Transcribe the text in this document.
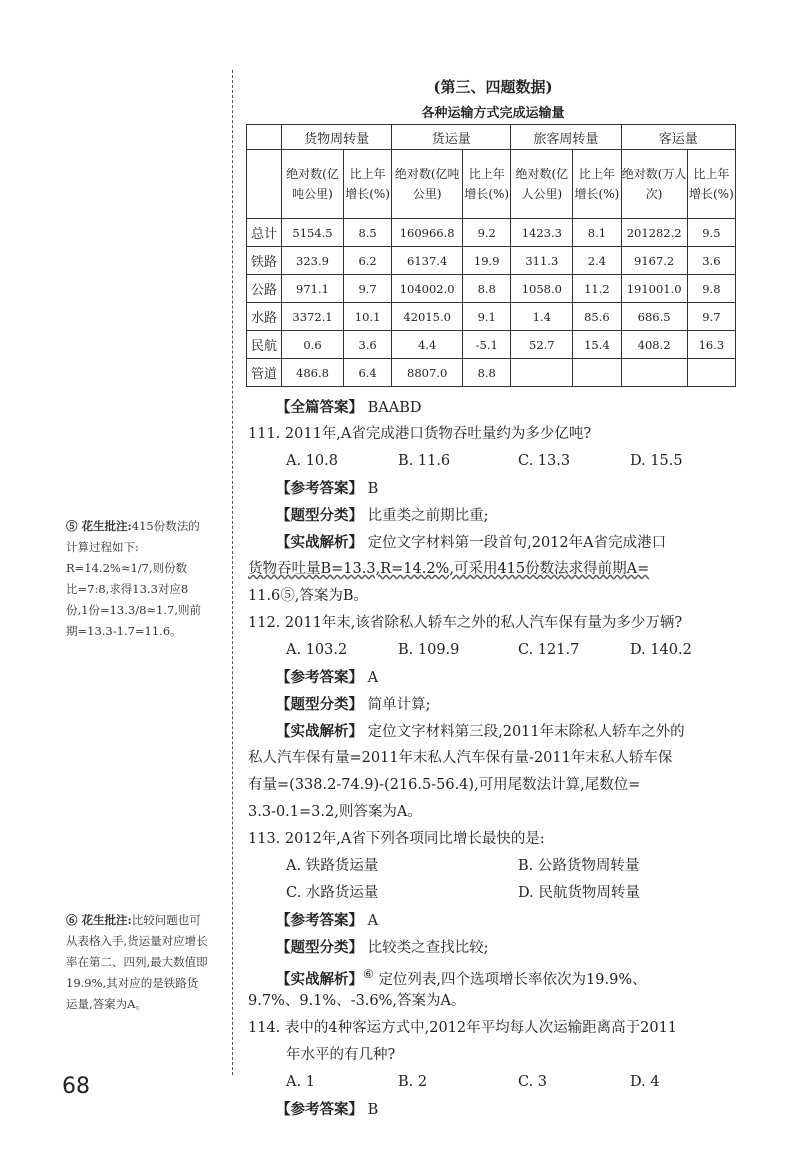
(第三、四题数据)
各种运输方式完成运输量
	货物周转量		货运量		旅客周转量		客运量	
	绝对数(亿吨公里)	比上年增长(%)	绝对数(亿吨公里)	比上年增长(%)	绝对数(亿人公里)	比上年增长(%)	绝对数(万人次)	比上年增长(%)
总计	5154.5	8.5	160966.8	9.2	1423.3	8.1	201282.2	9.5
铁路	323.9	6.2	6137.4	19.9	311.3	2.4	9167.2	3.6
公路	971.1	9.7	104002.0	8.8	1058.0	11.2	191001.0	9.8
水路	3372.1	10.1	42015.0	9.1	1.4	85.6	686.5	9.7
民航	0.6	3.6	4.4	-5.1	52.7	15.4	408.2	16.3
管道	486.8	6.4	8807.0	8.8				
【全篇答案】 BAABD
111. 2011年,A省完成港口货物吞吐量约为多少亿吨?
A. 10.8	B. 11.6	C. 13.3	D. 15.5
【参考答案】 B
【题型分类】 比重类之前期比重;
【实战解析】 定位文字材料第一段首句,2012年A省完成港口
货物吞吐量B=13.3,R=14.2%,可采用415份数法求得前期A=
11.6⑤,答案为B。
112. 2011年末,该省除私人轿车之外的私人汽车保有量为多少万辆?
A. 103.2	B. 109.9	C. 121.7	D. 140.2
【参考答案】 A
【题型分类】 简单计算;
【实战解析】 定位文字材料第三段,2011年末除私人轿车之外的
私人汽车保有量=2011年末私人汽车保有量-2011年末私人轿车保
有量=(338.2-74.9)-(216.5-56.4),可用尾数法计算,尾数位=
3.3-0.1=3.2,则答案为A。
113. 2012年,A省下列各项同比增长最快的是:
A. 铁路货运量	B. 公路货物周转量
C. 水路货运量	D. 民航货物周转量
【参考答案】 A
【题型分类】 比较类之查找比较;
【实战解析】⑥ 定位列表,四个选项增长率依次为19.9%、
9.7%、9.1%、-3.6%,答案为A。
114. 表中的4种客运方式中,2012年平均每人次运输距离高于2011
年水平的有几种?
A. 1	B. 2	C. 3	D. 4
【参考答案】 B
⑤ 花生批注:415份数法的
计算过程如下:
R=14.2%≈1/7,则份数
比=7:8,求得13.3对应8
份,1份=13.3/8≈1.7,则前
期=13.3-1.7=11.6。
⑥ 花生批注:比较问题也可
从表格入手,货运量对应增长
率在第二、四列,最大数值即
19.9%,其对应的是铁路货
运量,答案为A。
68
